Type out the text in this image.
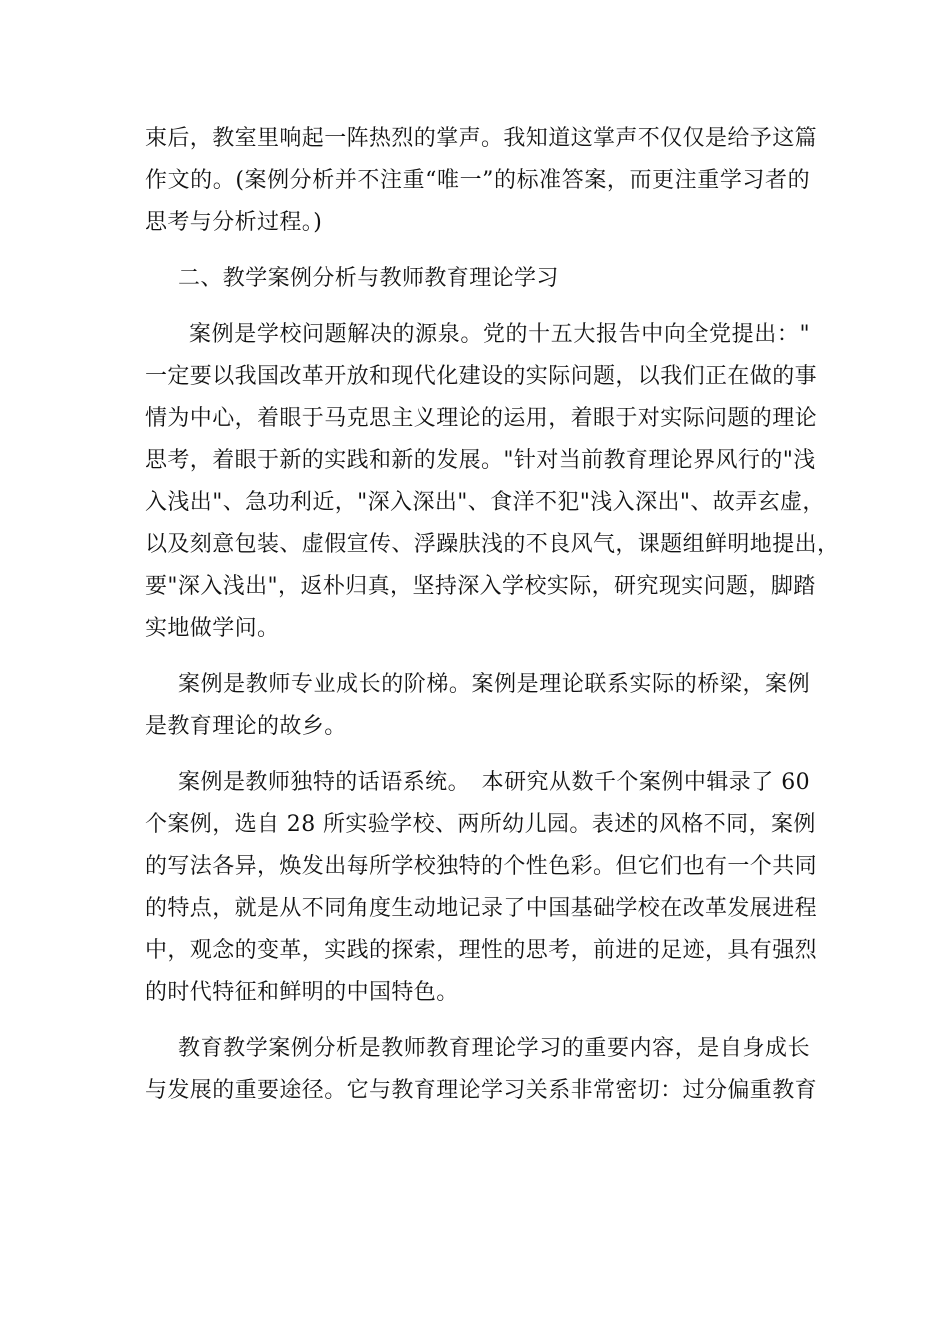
束后，教室里响起一阵热烈的掌声。我知道这掌声不仅仅是给予这篇
作文的。(案例分析并不注重“唯一”的标准答案，而更注重学习者的
思考与分析过程。)
二、教学案例分析与教师教育理论学习
案例是学校问题解决的源泉。党的十五大报告中向全党提出："
一定要以我国改革开放和现代化建设的实际问题，以我们正在做的事
情为中心，着眼于马克思主义理论的运用，着眼于对实际问题的理论
思考，着眼于新的实践和新的发展。"针对当前教育理论界风行的"浅
入浅出"、急功利近，"深入深出"、食洋不犯"浅入深出"、故弄玄虚，
以及刻意包装、虚假宣传、浮躁肤浅的不良风气，课题组鲜明地提出，
要"深入浅出"，返朴归真，坚持深入学校实际，研究现实问题，脚踏
实地做学问。
案例是教师专业成长的阶梯。案例是理论联系实际的桥梁，案例
是教育理论的故乡。
案例是教师独特的话语系统。　本研究从数千个案例中辑录了 60
个案例，选自 28 所实验学校、两所幼儿园。表述的风格不同，案例
的写法各异，焕发出每所学校独特的个性色彩。但它们也有一个共同
的特点，就是从不同角度生动地记录了中国基础学校在改革发展进程
中，观念的变革，实践的探索，理性的思考，前进的足迹，具有强烈
的时代特征和鲜明的中国特色。
教育教学案例分析是教师教育理论学习的重要内容，是自身成长
与发展的重要途径。它与教育理论学习关系非常密切：过分偏重教育
